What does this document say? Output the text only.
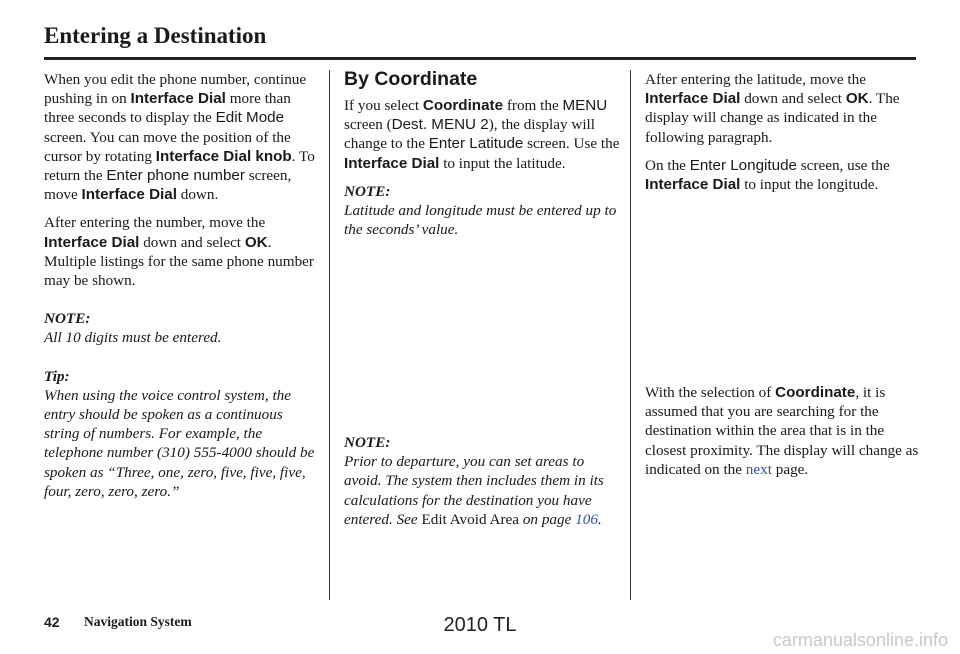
Entering a Destination

When you edit the phone number, continue pushing in on Interface Dial more than three seconds to display the Edit Mode screen. You can move the position of the cursor by rotating Interface Dial knob. To return the Enter phone number screen, move Interface Dial down.

After entering the number, move the Interface Dial down and select OK. Multiple listings for the same phone number may be shown.

NOTE:

All 10 digits must be entered.

Tip:

When using the voice control system, the entry should be spoken as a continuous string of numbers. For example, the telephone number (310) 555-4000 should be spoken as “Three, one, zero, five, five, five, four, zero, zero, zero.”

By Coordinate

If you select Coordinate from the MENU screen (Dest. MENU 2), the display will change to the Enter Latitude screen. Use the Interface Dial to input the latitude.

NOTE:

Latitude and longitude must be entered up to the seconds’ value.

NOTE:

Prior to departure, you can set areas to avoid. The system then includes them in its calculations for the destination you have entered. See Edit Avoid Area on page 106.

After entering the latitude, move the Interface Dial down and select OK. The display will change as indicated in the following paragraph.

On the Enter Longitude screen, use the Interface Dial to input the longitude.

With the selection of Coordinate, it is assumed that you are searching for the destination within the area that is in the closest proximity. The display will change as indicated on the next page.

42 Navigation System	2010 TL
carmanualsonline.info
